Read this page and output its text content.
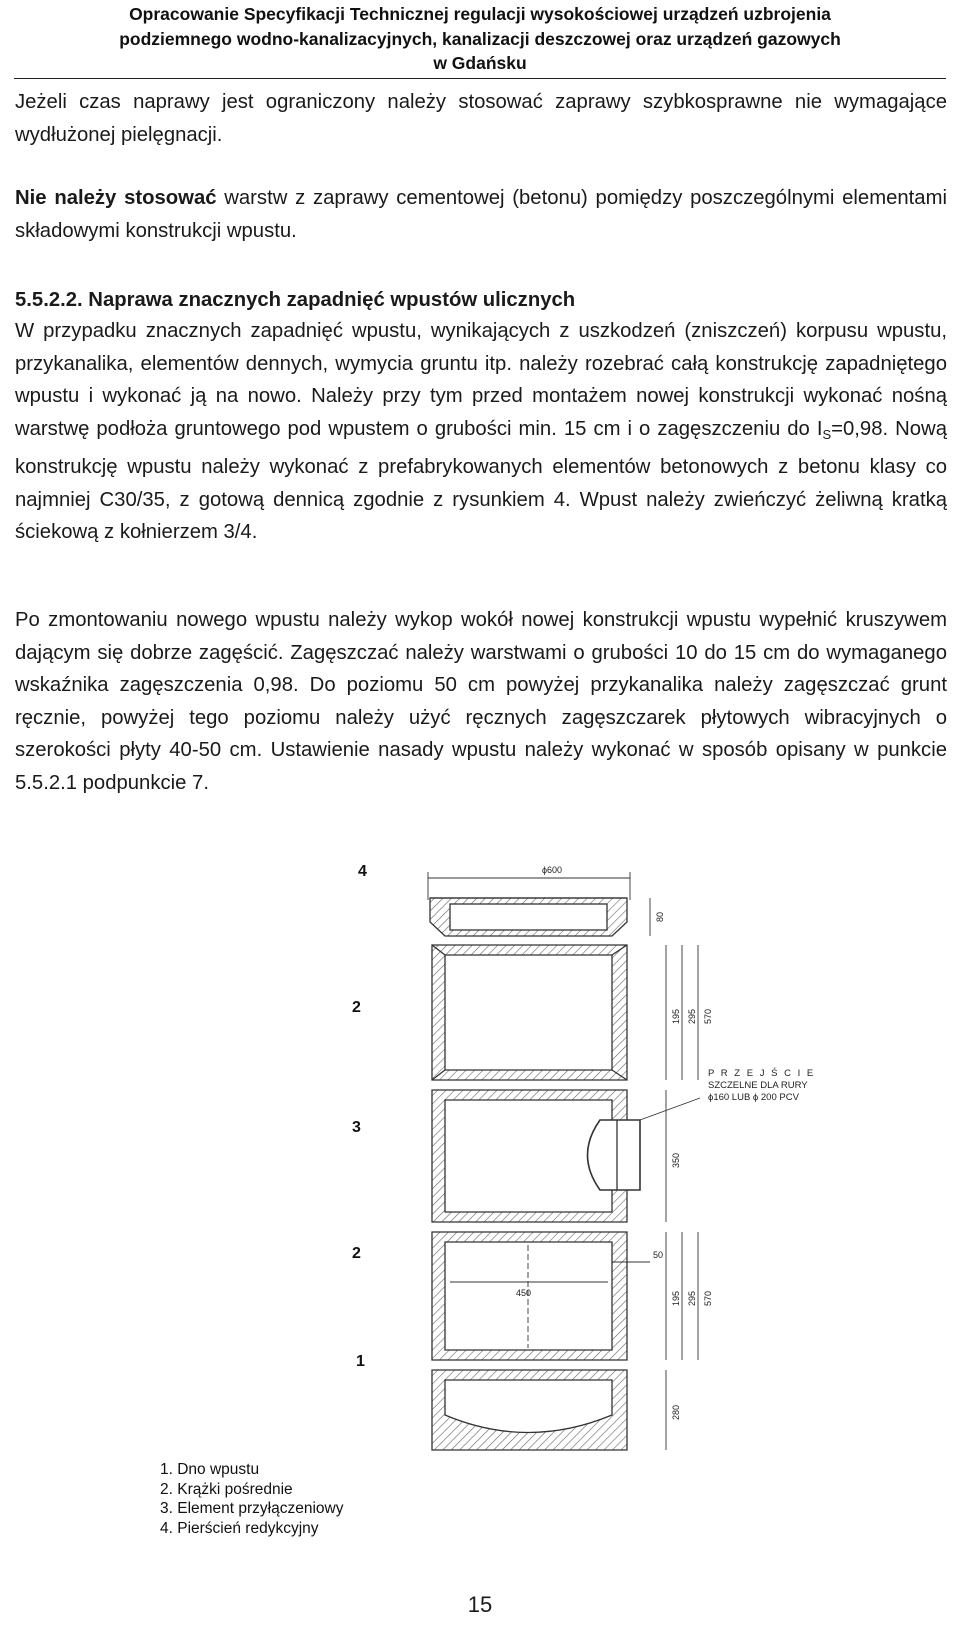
Opracowanie Specyfikacji Technicznej regulacji wysokościowej urządzeń uzbrojenia
podziemnego wodno-kanalizacyjnych, kanalizacji deszczowej oraz urządzeń gazowych
w Gdańsku

Jeżeli czas naprawy jest ograniczony należy stosować zaprawy szybkosprawne nie wymagające wydłużonej pielęgnacji.

Nie należy stosować warstw z zaprawy cementowej (betonu) pomiędzy poszczególnymi elementami składowymi konstrukcji wpustu.

5.5.2.2. Naprawa znacznych zapadnięć wpustów ulicznych

W przypadku znacznych zapadnięć wpustu, wynikających z uszkodzeń (zniszczeń) korpusu wpustu, przykanalika, elementów dennych, wymycia gruntu itp. należy rozebrać całą konstrukcję zapadniętego wpustu i wykonać ją na nowo. Należy przy tym przed montażem nowej konstrukcji wykonać nośną warstwę podłoża gruntowego pod wpustem o grubości min. 15 cm i o zagęszczeniu do $I_S=0,98$. Nową konstrukcję wpustu należy wykonać z prefabrykowanych elementów betonowych z betonu klasy co najmniej C30/35, z gotową dennicą zgodnie z rysunkiem 4. Wpust należy zwieńczyć żeliwną kratką ściekową z kołnierzem 3/4.

Po zmontowaniu nowego wpustu należy wykop wokół nowej konstrukcji wpustu wypełnić kruszywem dającym się dobrze zagęścić. Zagęszczać należy warstwami o grubości 10 do 15 cm do wymaganego wskaźnika zagęszczenia 0,98. Do poziomu 50 cm powyżej przykanalika należy zagęszczać grunt ręcznie, powyżej tego poziomu należy użyć ręcznych zagęszczarek płytowych wibracyjnych o szerokości płyty 40-50 cm. Ustawienie nasady wpustu należy wykonać w sposób opisany w punkcie 5.5.2.1 podpunkcie 7.

4
2
3
2
1
ϕ600
80
195 295 570
350
50
195 295 570
450
280
P R Z E J Ś C I E
SZCZELNE DLA RURY
ϕ160 LUB ϕ 200 PCV
1. Dno wpustu
2. Krążki pośrednie
3. Element przyłączeniowy
4. Pierścień redykcyjny
15
